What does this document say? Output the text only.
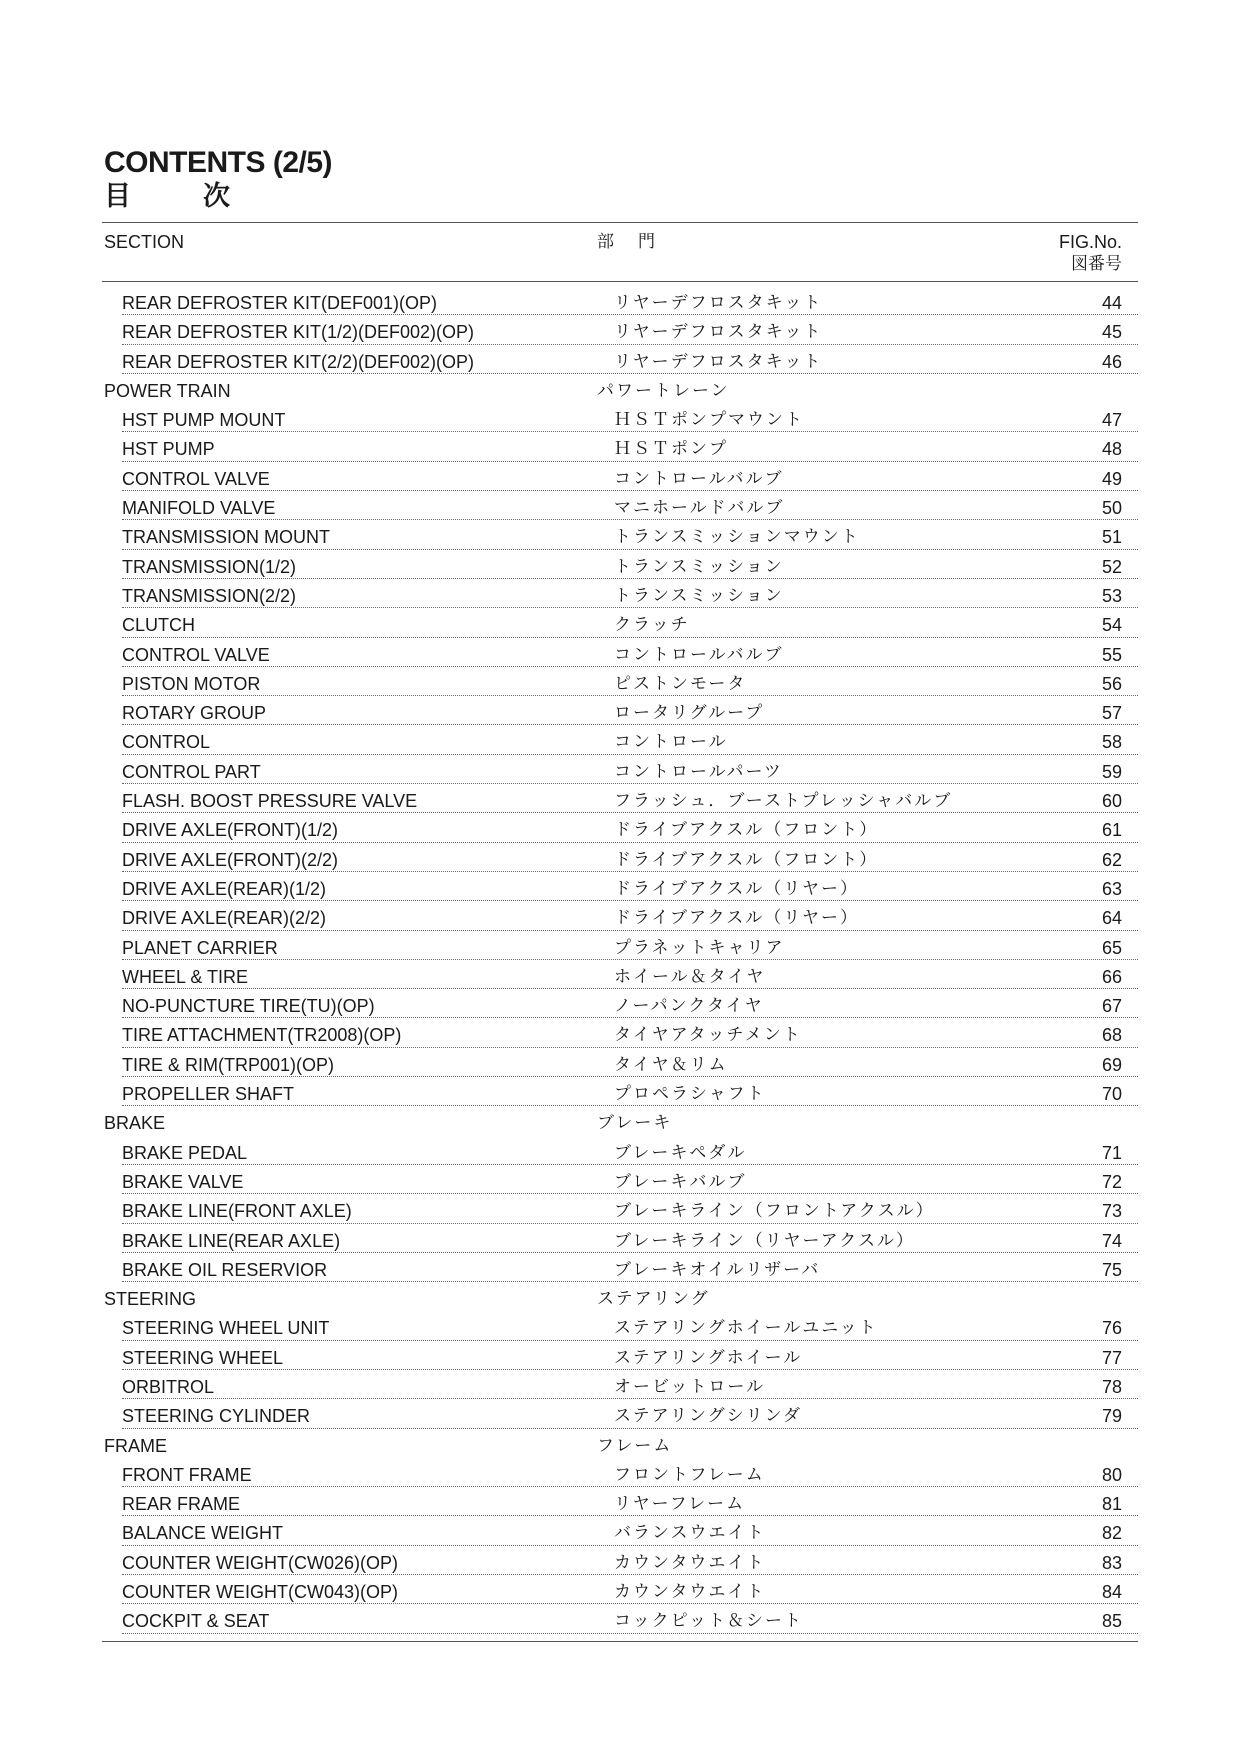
CONTENTS (2/5)
目次
SECTION	部門	FIG.No.
図番号
REAR DEFROSTER KIT(DEF001)(OP)	リヤーデフロスタキット	44
REAR DEFROSTER KIT(1/2)(DEF002)(OP)	リヤーデフロスタキット	45
REAR DEFROSTER KIT(2/2)(DEF002)(OP)	リヤーデフロスタキット	46
POWER TRAIN	パワートレーン
HST PUMP MOUNT	ＨＳＴポンプマウント	47
HST PUMP	ＨＳＴポンプ	48
CONTROL VALVE	コントロールバルブ	49
MANIFOLD VALVE	マニホールドバルブ	50
TRANSMISSION MOUNT	トランスミッションマウント	51
TRANSMISSION(1/2)	トランスミッション	52
TRANSMISSION(2/2)	トランスミッション	53
CLUTCH	クラッチ	54
CONTROL VALVE	コントロールバルブ	55
PISTON MOTOR	ピストンモータ	56
ROTARY GROUP	ロータリグループ	57
CONTROL	コントロール	58
CONTROL PART	コントロールパーツ	59
FLASH. BOOST PRESSURE VALVE	フラッシュ．ブーストプレッシャバルブ	60
DRIVE AXLE(FRONT)(1/2)	ドライブアクスル（フロント）	61
DRIVE AXLE(FRONT)(2/2)	ドライブアクスル（フロント）	62
DRIVE AXLE(REAR)(1/2)	ドライブアクスル（リヤー）	63
DRIVE AXLE(REAR)(2/2)	ドライブアクスル（リヤー）	64
PLANET CARRIER	プラネットキャリア	65
WHEEL & TIRE	ホイール＆タイヤ	66
NO-PUNCTURE TIRE(TU)(OP)	ノーパンクタイヤ	67
TIRE ATTACHMENT(TR2008)(OP)	タイヤアタッチメント	68
TIRE & RIM(TRP001)(OP)	タイヤ＆リム	69
PROPELLER SHAFT	プロペラシャフト	70
BRAKE	ブレーキ
BRAKE PEDAL	ブレーキペダル	71
BRAKE VALVE	ブレーキバルブ	72
BRAKE LINE(FRONT AXLE)	ブレーキライン（フロントアクスル）	73
BRAKE LINE(REAR AXLE)	ブレーキライン（リヤーアクスル）	74
BRAKE OIL RESERVIOR	ブレーキオイルリザーバ	75
STEERING	ステアリング
STEERING WHEEL UNIT	ステアリングホイールユニット	76
STEERING WHEEL	ステアリングホイール	77
ORBITROL	オービットロール	78
STEERING CYLINDER	ステアリングシリンダ	79
FRAME	フレーム
FRONT FRAME	フロントフレーム	80
REAR FRAME	リヤーフレーム	81
BALANCE WEIGHT	バランスウエイト	82
COUNTER WEIGHT(CW026)(OP)	カウンタウエイト	83
COUNTER WEIGHT(CW043)(OP)	カウンタウエイト	84
COCKPIT & SEAT	コックピット＆シート	85
